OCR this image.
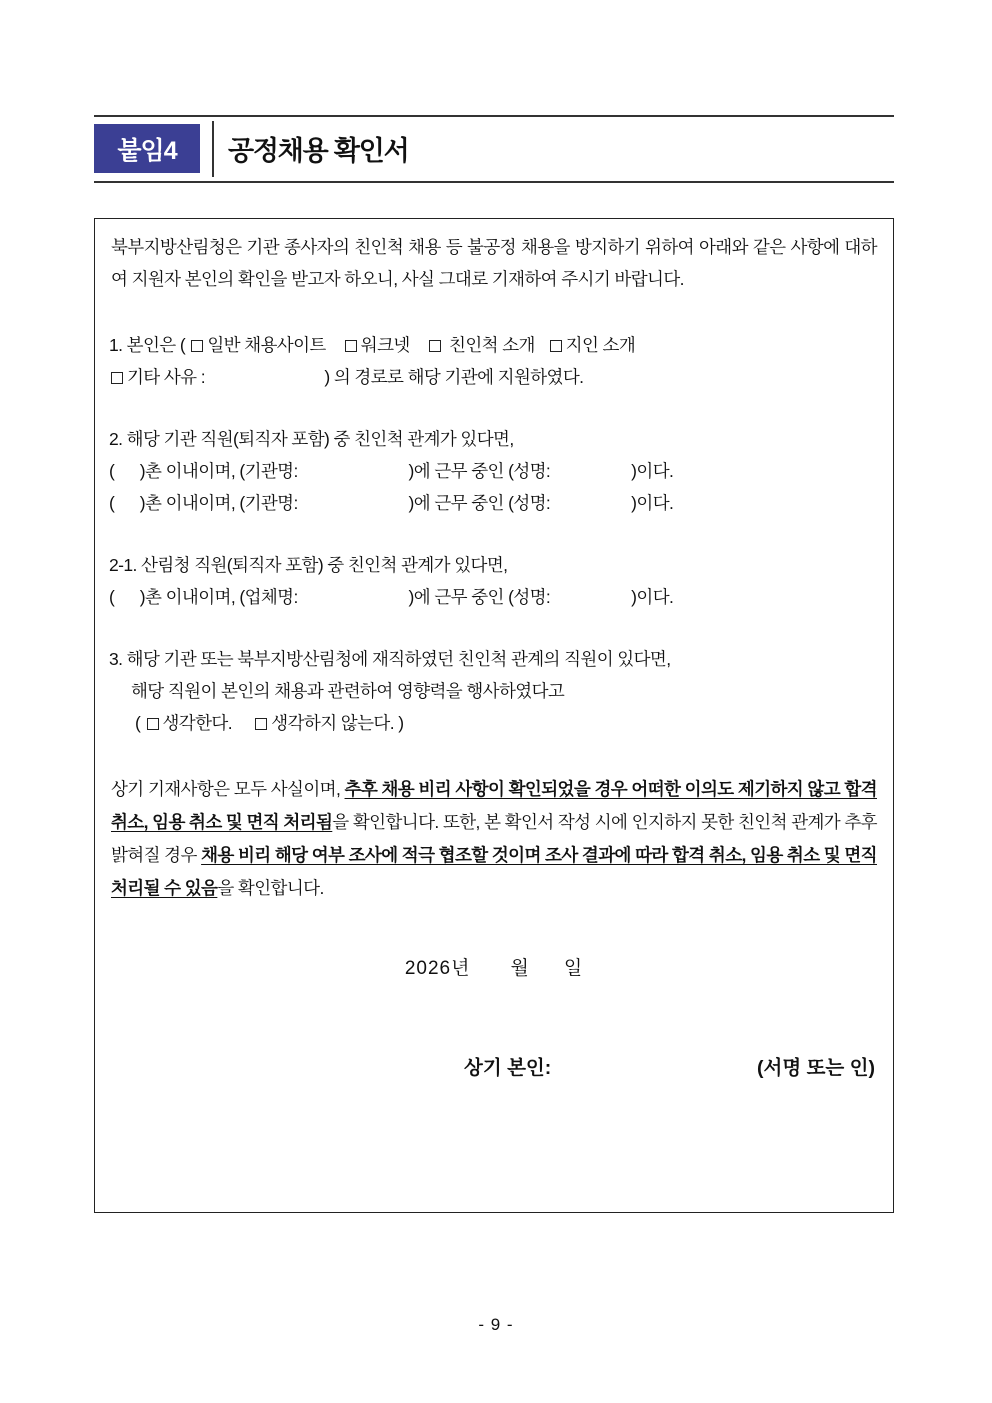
붙임4	공정채용 확인서

북부지방산림청은 기관 종사자의 친인척 채용 등 불공정 채용을 방지하기 위하여 아래와 같은 사항에 대하여 지원자 본인의 확인을 받고자 하오니, 사실 그대로 기재하여 주시기 바랍니다.

1. 본인은 ( 일반 채용사이트 워크넷     친인척 소개 지인 소개

기타 사유 :	) 의 경로로 해당 기관에 지원하였다.

2. 해당 기관 직원(퇴직자 포함) 중 친인척 관계가 있다면,

(      )촌 이내이며, (기관명:                          )에 근무 중인 (성명:                   )이다.

(      )촌 이내이며, (기관명:                          )에 근무 중인 (성명:                   )이다.

2-1. 산림청 직원(퇴직자 포함) 중 친인척 관계가 있다면,

(      )촌 이내이며, (업체명:                          )에 근무 중인 (성명:                   )이다.

3. 해당 기관 또는 북부지방산림청에 재직하였던 친인척 관계의 직원이 있다면,

해당 직원이 본인의 채용과 관련하여 영향력을 행사하였다고

( 생각한다. 생각하지 않는다. )

상기 기재사항은 모두 사실이며, 추후 채용 비리 사항이 확인되었을 경우 어떠한 이의도 제기하지 않고 합격 취소, 임용 취소 및 면직 처리됨을 확인합니다. 또한, 본 확인서 작성 시에 인지하지 못한 친인척 관계가 추후 밝혀질 경우 채용 비리 해당 여부 조사에 적극 협조할 것이며 조사 결과에 따라 합격 취소, 임용 취소 및 면직 처리될 수 있음을 확인합니다.

2026년 월 일
상기 본인:	(서명 또는 인)
- 9 -
